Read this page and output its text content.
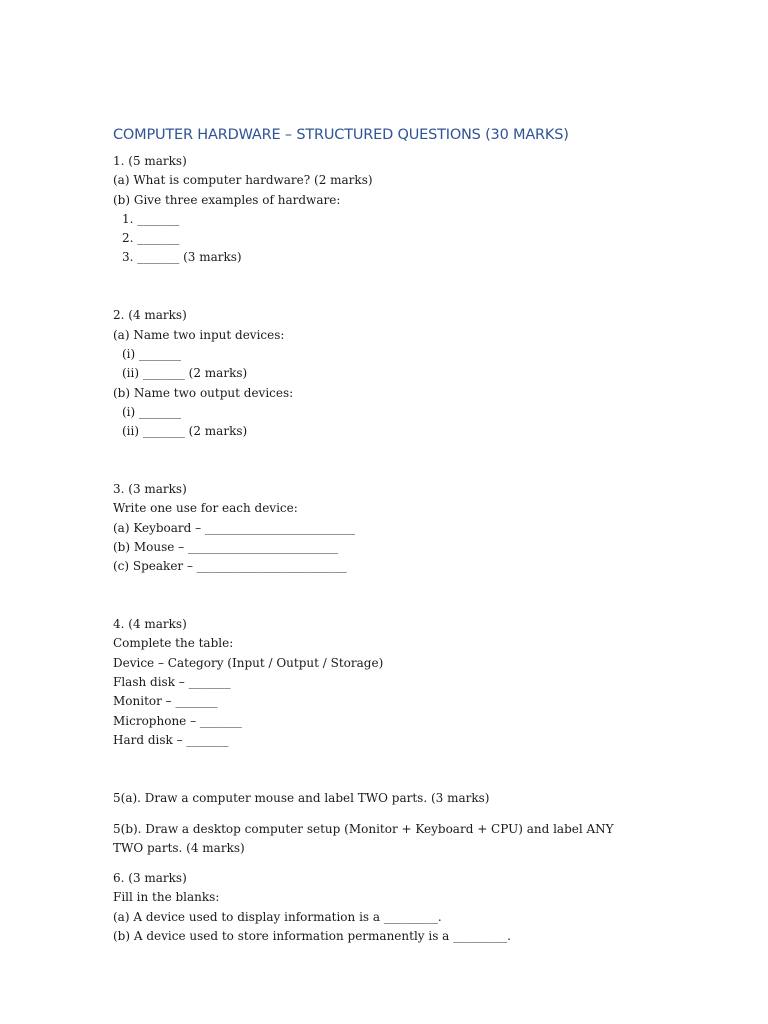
COMPUTER HARDWARE – STRUCTURED QUESTIONS (30 MARKS)
1. (5 marks)
(a) What is computer hardware? (2 marks)
(b) Give three examples of hardware:
1. _______
2. _______
3. _______ (3 marks)
2. (4 marks)
(a) Name two input devices:
(i) _______
(ii) _______ (2 marks)
(b) Name two output devices:
(i) _______
(ii) _______ (2 marks)
3. (3 marks)
Write one use for each device:
(a) Keyboard – _________________________
(b) Mouse – _________________________
(c) Speaker – _________________________
4. (4 marks)
Complete the table:
Device – Category (Input / Output / Storage)
Flash disk – _______
Monitor – _______
Microphone – _______
Hard disk – _______
5(a). Draw a computer mouse and label TWO parts. (3 marks)
5(b). Draw a desktop computer setup (Monitor + Keyboard + CPU) and label ANY TWO parts. (4 marks)
6. (3 marks)
Fill in the blanks:
(a) A device used to display information is a _________.
(b) A device used to store information permanently is a _________.
